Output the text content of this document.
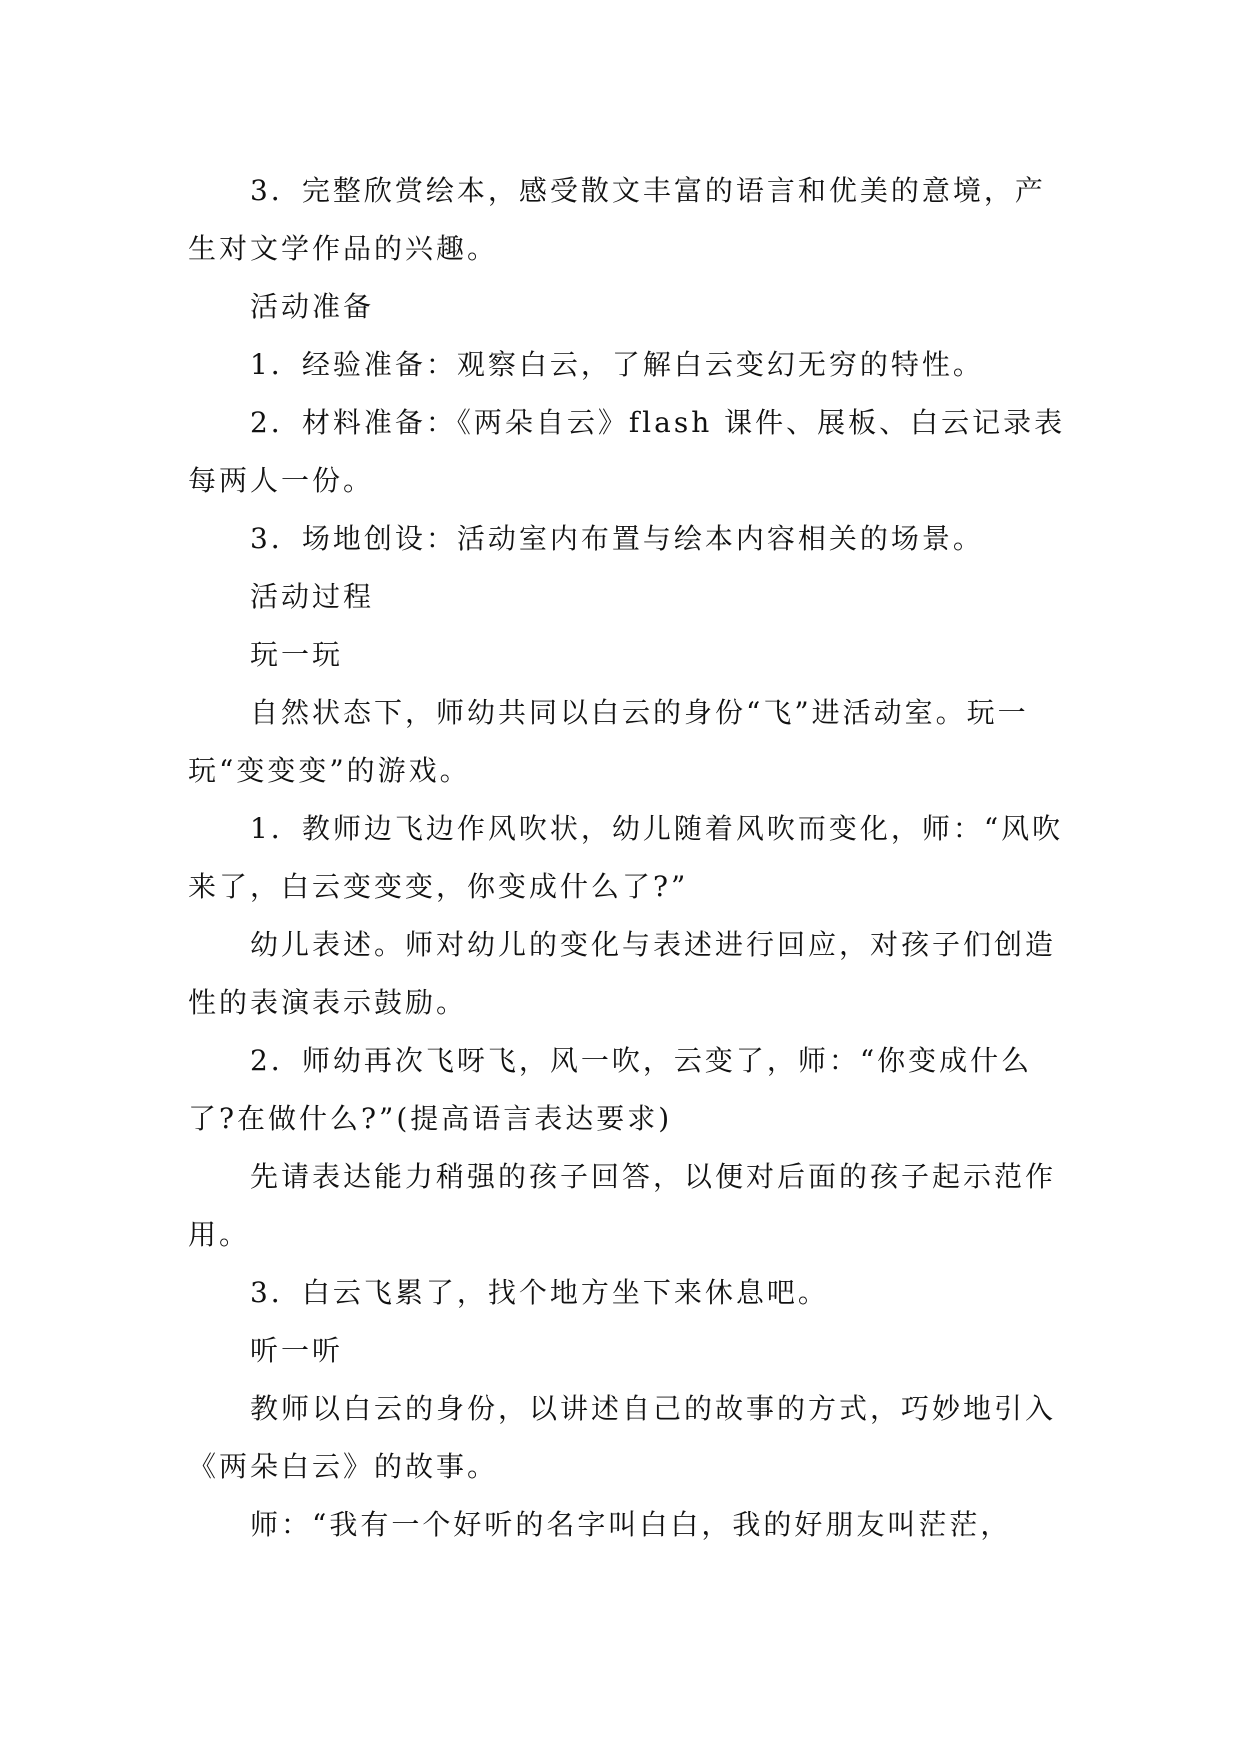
3．完整欣赏绘本，感受散文丰富的语言和优美的意境，产生对文学作品的兴趣。

活动准备

1．经验准备：观察白云，了解白云变幻无穷的特性。

2．材料准备：《两朵自云》flash 课件、展板、白云记录表每两人一份。

3．场地创设：活动室内布置与绘本内容相关的场景。

活动过程

玩一玩

自然状态下，师幼共同以白云的身份“飞”进活动室。玩一玩“变变变”的游戏。

1．教师边飞边作风吹状，幼儿随着风吹而变化，师：“风吹来了，白云变变变，你变成什么了?”

幼儿表述。师对幼儿的变化与表述进行回应，对孩子们创造性的表演表示鼓励。

2．师幼再次飞呀飞，风一吹，云变了，师：“你变成什么了?在做什么?”(提高语言表达要求)

先请表达能力稍强的孩子回答，以便对后面的孩子起示范作用。

3．白云飞累了，找个地方坐下来休息吧。

听一听

教师以白云的身份，以讲述自己的故事的方式，巧妙地引入《两朵白云》的故事。

师：“我有一个好听的名字叫白白，我的好朋友叫茫茫，
